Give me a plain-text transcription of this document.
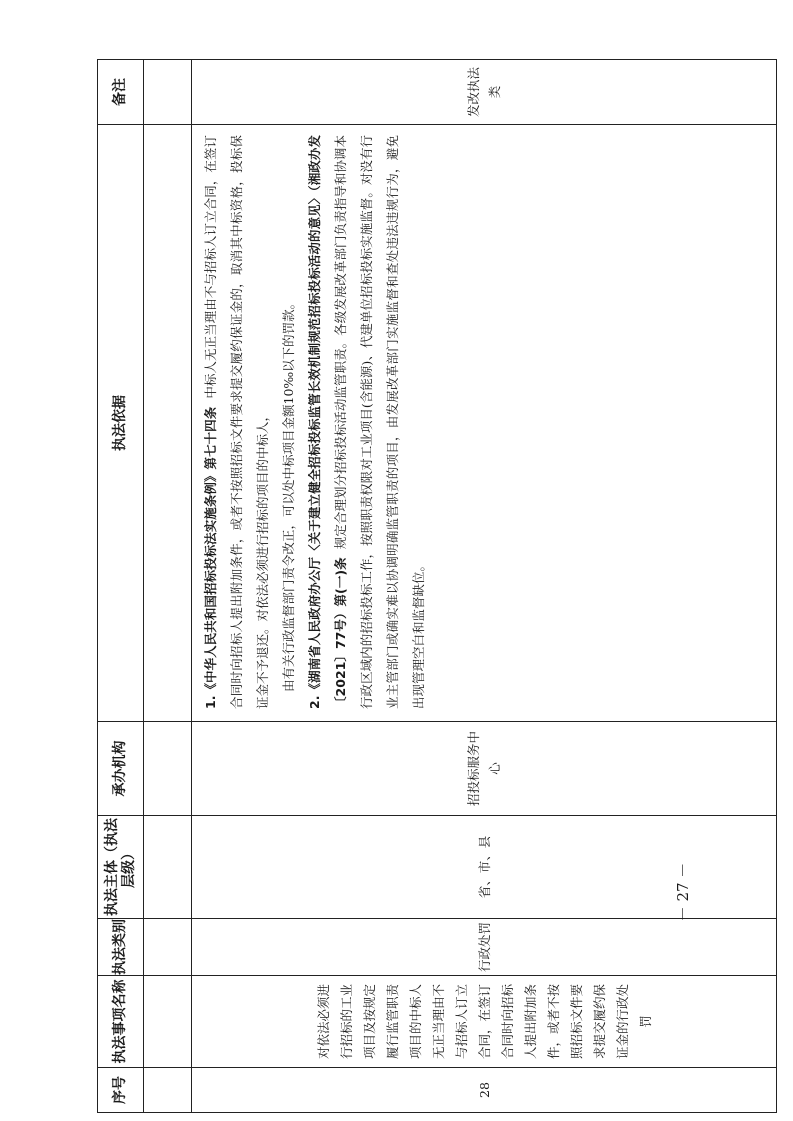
序号	执法事项名称	执法类别	执法主体（执法层级）	承办机构	执法依据	备注

28	对依法必须进行招标的工业项目及按规定履行监管职责项目的中标人无正当理由不与招标人订立合同，在签订合同时向招标人提出附加条件，或者不按照招标文件要求提交履约保证金的行政处罚	行政处罚	省、市、县	招投标服务中心	1.《中华人民共和国招标投标法实施条例》第七十四条  中标人无正当理由不与招标人订立合同，在签订合同时向招标人提出附加条件，或者不按照招标文件要求提交履约保证金的，取消其中标资格，投标保证金不予退还。对依法必须进行招标的项目的中标人， 由有关行政监督部门责令改正，可以处中标项目金额10‰以下的罚款。 2.《湖南省人民政府办公厅〈关于建立健全招标投标监管长效机制规范招标投标活动的意见〉（湘政办发〔2021〕77号）第(一)条  规定合理划分招标投标活动监管职责。各级发展改革部门负责指导和协调本行政区域内的招标投标工作，按照职责权限对工业项目(含能源)、代建单位招标投标实施监督。对没有行业主管部门或确实难以协调明确监管职责的项目，由发展改革部门实施监督和查处违法违规行为，避免出现管理空白和监督缺位。	发改执法类
－ 27 －
